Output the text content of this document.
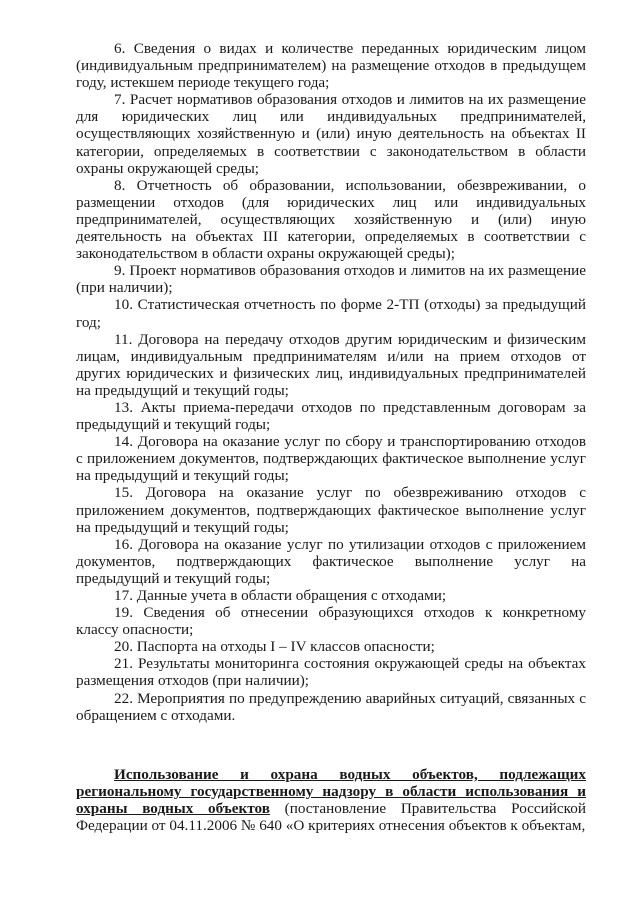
6. Сведения о видах и количестве переданных юридическим лицом (индивидуальным предпринимателем) на размещение отходов в предыдущем году, истекшем периоде текущего года;

7. Расчет нормативов образования отходов и лимитов на их размещение для юридических лиц или индивидуальных предпринимателей, осуществляющих хозяйственную и (или) иную деятельность на объектах II категории, определяемых в соответствии с законодательством в области охраны окружающей среды;

8. Отчетность об образовании, использовании, обезвреживании, о размещении отходов (для юридических лиц или индивидуальных предпринимателей, осуществляющих хозяйственную и (или) иную деятельность на объектах III категории, определяемых в соответствии с законодательством в области охраны окружающей среды);

9. Проект нормативов образования отходов и лимитов на их размещение (при наличии);

10. Статистическая отчетность по форме 2-ТП (отходы) за предыдущий год;

11. Договора на передачу отходов другим юридическим и физическим лицам, индивидуальным предпринимателям и/или на прием отходов от других юридических и физических лиц, индивидуальных предпринимателей на предыдущий и текущий годы;

13. Акты приема-передачи отходов по представленным договорам за предыдущий и текущий годы;

14. Договора на оказание услуг по сбору и транспортированию отходов с приложением документов, подтверждающих фактическое выполнение услуг на предыдущий и текущий годы;

15. Договора на оказание услуг по обезвреживанию отходов с приложением документов, подтверждающих фактическое выполнение услуг на предыдущий и текущий годы;

16. Договора на оказание услуг по утилизации отходов с приложением документов, подтверждающих фактическое выполнение услуг на предыдущий и текущий годы;

17. Данные учета в области обращения с отходами;

19. Сведения об отнесении образующихся отходов к конкретному классу опасности;

20. Паспорта на отходы I – IV классов опасности;

21. Результаты мониторинга состояния окружающей среды на объектах размещения отходов (при наличии);

22. Мероприятия по предупреждению аварийных ситуаций, связанных с обращением с отходами.

Использование и охрана водных объектов, подлежащих региональному государственному надзору в области использования и охраны водных объектов (постановление Правительства Российской Федерации от 04.11.2006 № 640 «О критериях отнесения объектов к объектам,
